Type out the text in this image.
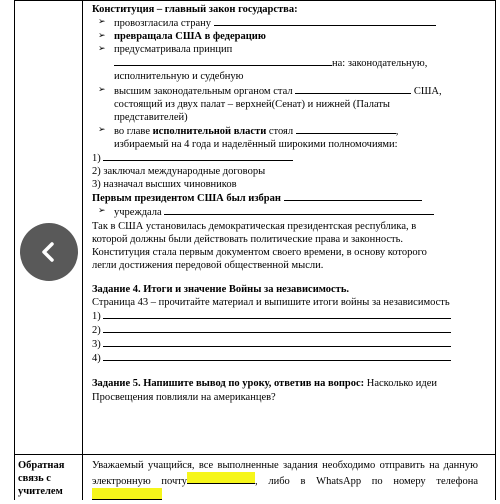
Конституция – главный закон государства:
➢ провозгласила страну
➢ превращала США в федерацию
➢ предусматривала принцип
на: законодательную,
исполнительную и судебную
➢ высшим законодательным органом стал	США,
состоящий из двух палат – верхней(Сенат) и нижней (Палаты
представителей)
➢ во главе исполнительной власти стоял	,
избираемый на 4 года и наделённый широкими полномочиями:
1)
2) заключал международные договоры
3) назначал высших чиновников
Первым президентом США был избран
➢ учреждала
Так в США установилась демократическая президентская республика, в которой должны были действовать политические права и законность. Конституция стала первым документом своего времени, в основу которого легли достижения передовой общественной мысли.
Задание 4. Итоги и значение Войны за независимость.
Страница 43 – прочитайте материал и выпишите итоги войны за независимость
1)
2)
3)
4)
Задание 5. Напишите вывод по уроку, ответив на вопрос: Насколько идеи Просвещения повлияли на американцев?
Обратная связь с учителем
Уважаемый учащийся, все выполненные задания необходимо отправить на данную электронную почту	, либо в WhatsApp по номеру телефона
